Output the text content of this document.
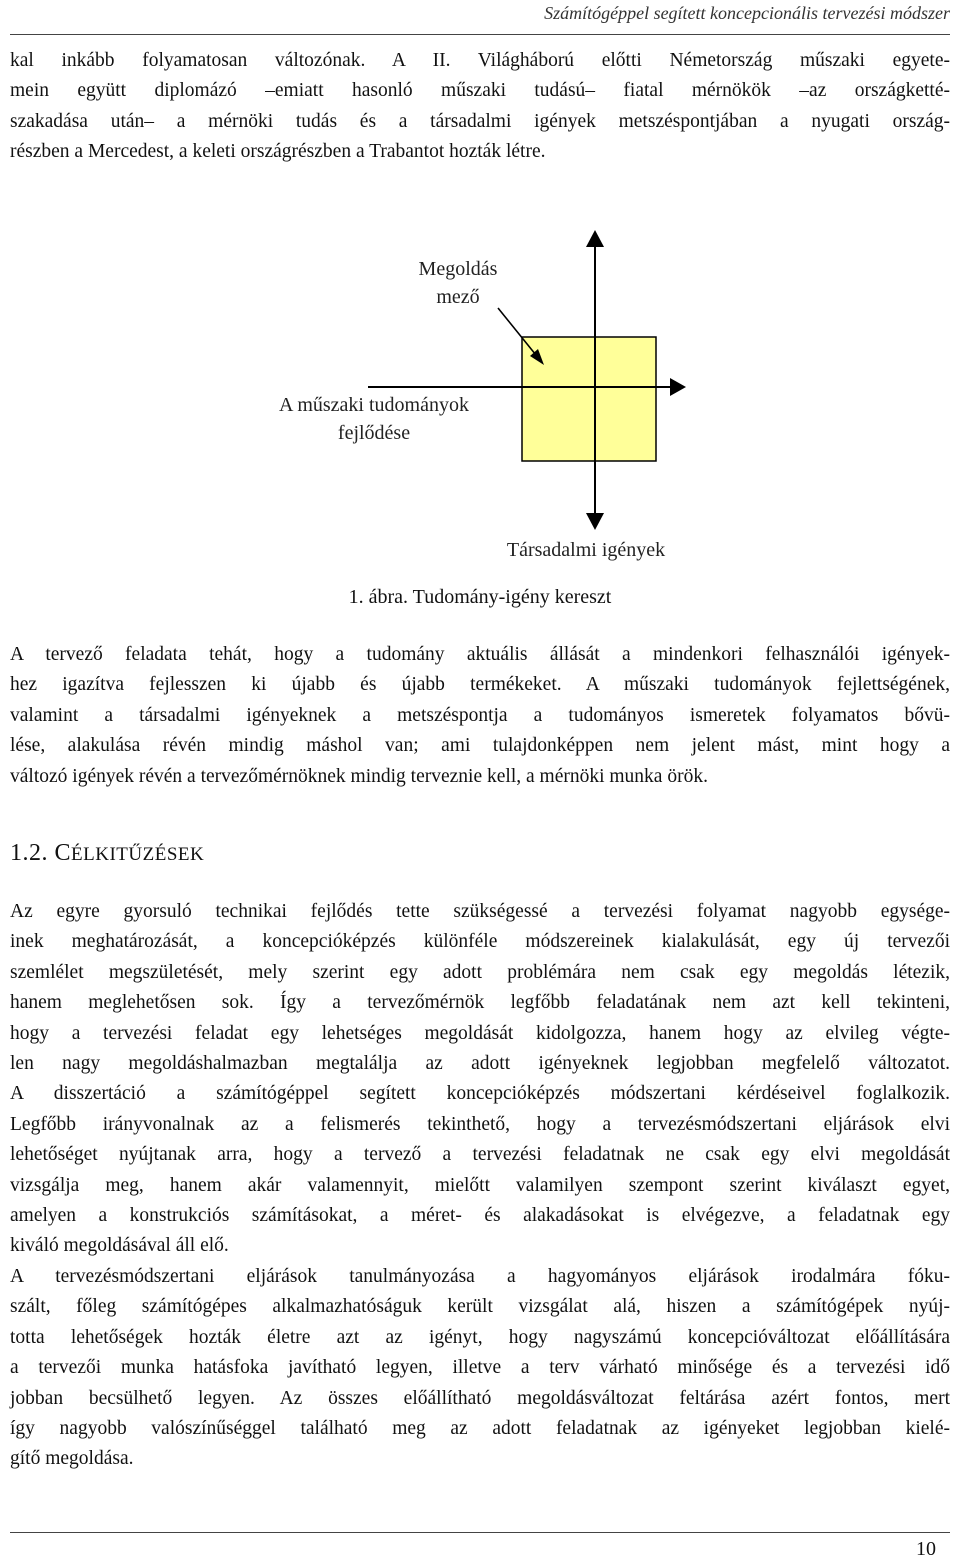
Számítógéppel segített koncepcionális tervezési módszer
kal inkább folyamatosan változónak. A II. Világháború előtti Németország műszaki egyete-
mein együtt diplomázó –emiatt hasonló műszaki tudású– fiatal mérnökök –az országketté-
szakadása után– a mérnöki tudás és a társadalmi igények metszéspontjában a nyugati ország-
részben a Mercedest, a keleti országrészben a Trabantot hozták létre.
Megoldás
mező
A műszaki tudományok
fejlődése
Társadalmi igények
1. ábra. Tudomány-igény kereszt
A tervező feladata tehát, hogy a tudomány aktuális állását a mindenkori felhasználói igények-
hez igazítva fejlesszen ki újabb és újabb termékeket. A műszaki tudományok fejlettségének,
valamint a társadalmi igényeknek a metszéspontja a tudományos ismeretek folyamatos bővü-
lése, alakulása révén mindig máshol van; ami tulajdonképpen nem jelent mást, mint hogy a
változó igények révén a tervezőmérnöknek mindig terveznie kell, a mérnöki munka örök.
1.2. CÉLKITŰZÉSEK
Az egyre gyorsuló technikai fejlődés tette szükségessé a tervezési folyamat nagyobb egysége-
inek meghatározását, a koncepcióképzés különféle módszereinek kialakulását, egy új tervezői
szemlélet megszületését, mely szerint egy adott problémára nem csak egy megoldás létezik,
hanem meglehetősen sok. Így a tervezőmérnök legfőbb feladatának nem azt kell tekinteni,
hogy a tervezési feladat egy lehetséges megoldását kidolgozza, hanem hogy az elvileg végte-
len nagy megoldáshalmazban megtalálja az adott igényeknek legjobban megfelelő változatot.
A disszertáció a számítógéppel segített koncepcióképzés módszertani kérdéseivel foglalkozik.
Legfőbb irányvonalnak az a felismerés tekinthető, hogy a tervezésmódszertani eljárások elvi
lehetőséget nyújtanak arra, hogy a tervező a tervezési feladatnak ne csak egy elvi megoldását
vizsgálja meg, hanem akár valamennyit, mielőtt valamilyen szempont szerint kiválaszt egyet,
amelyen a konstrukciós számításokat, a méret- és alakadásokat is elvégezve, a feladatnak egy
kiváló megoldásával áll elő.
A tervezésmódszertani eljárások tanulmányozása a hagyományos eljárások irodalmára fóku-
szált, főleg számítógépes alkalmazhatóságuk került vizsgálat alá, hiszen a számítógépek nyúj-
totta lehetőségek hozták életre azt az igényt, hogy nagyszámú koncepcióváltozat előállítására
a tervezői munka hatásfoka javítható legyen, illetve a terv várható minősége és a tervezési idő
jobban becsülhető legyen. Az összes előállítható megoldásváltozat feltárása azért fontos, mert
így nagyobb valószínűséggel található meg az adott feladatnak az igényeket legjobban kielé-
gítő megoldása.
10
